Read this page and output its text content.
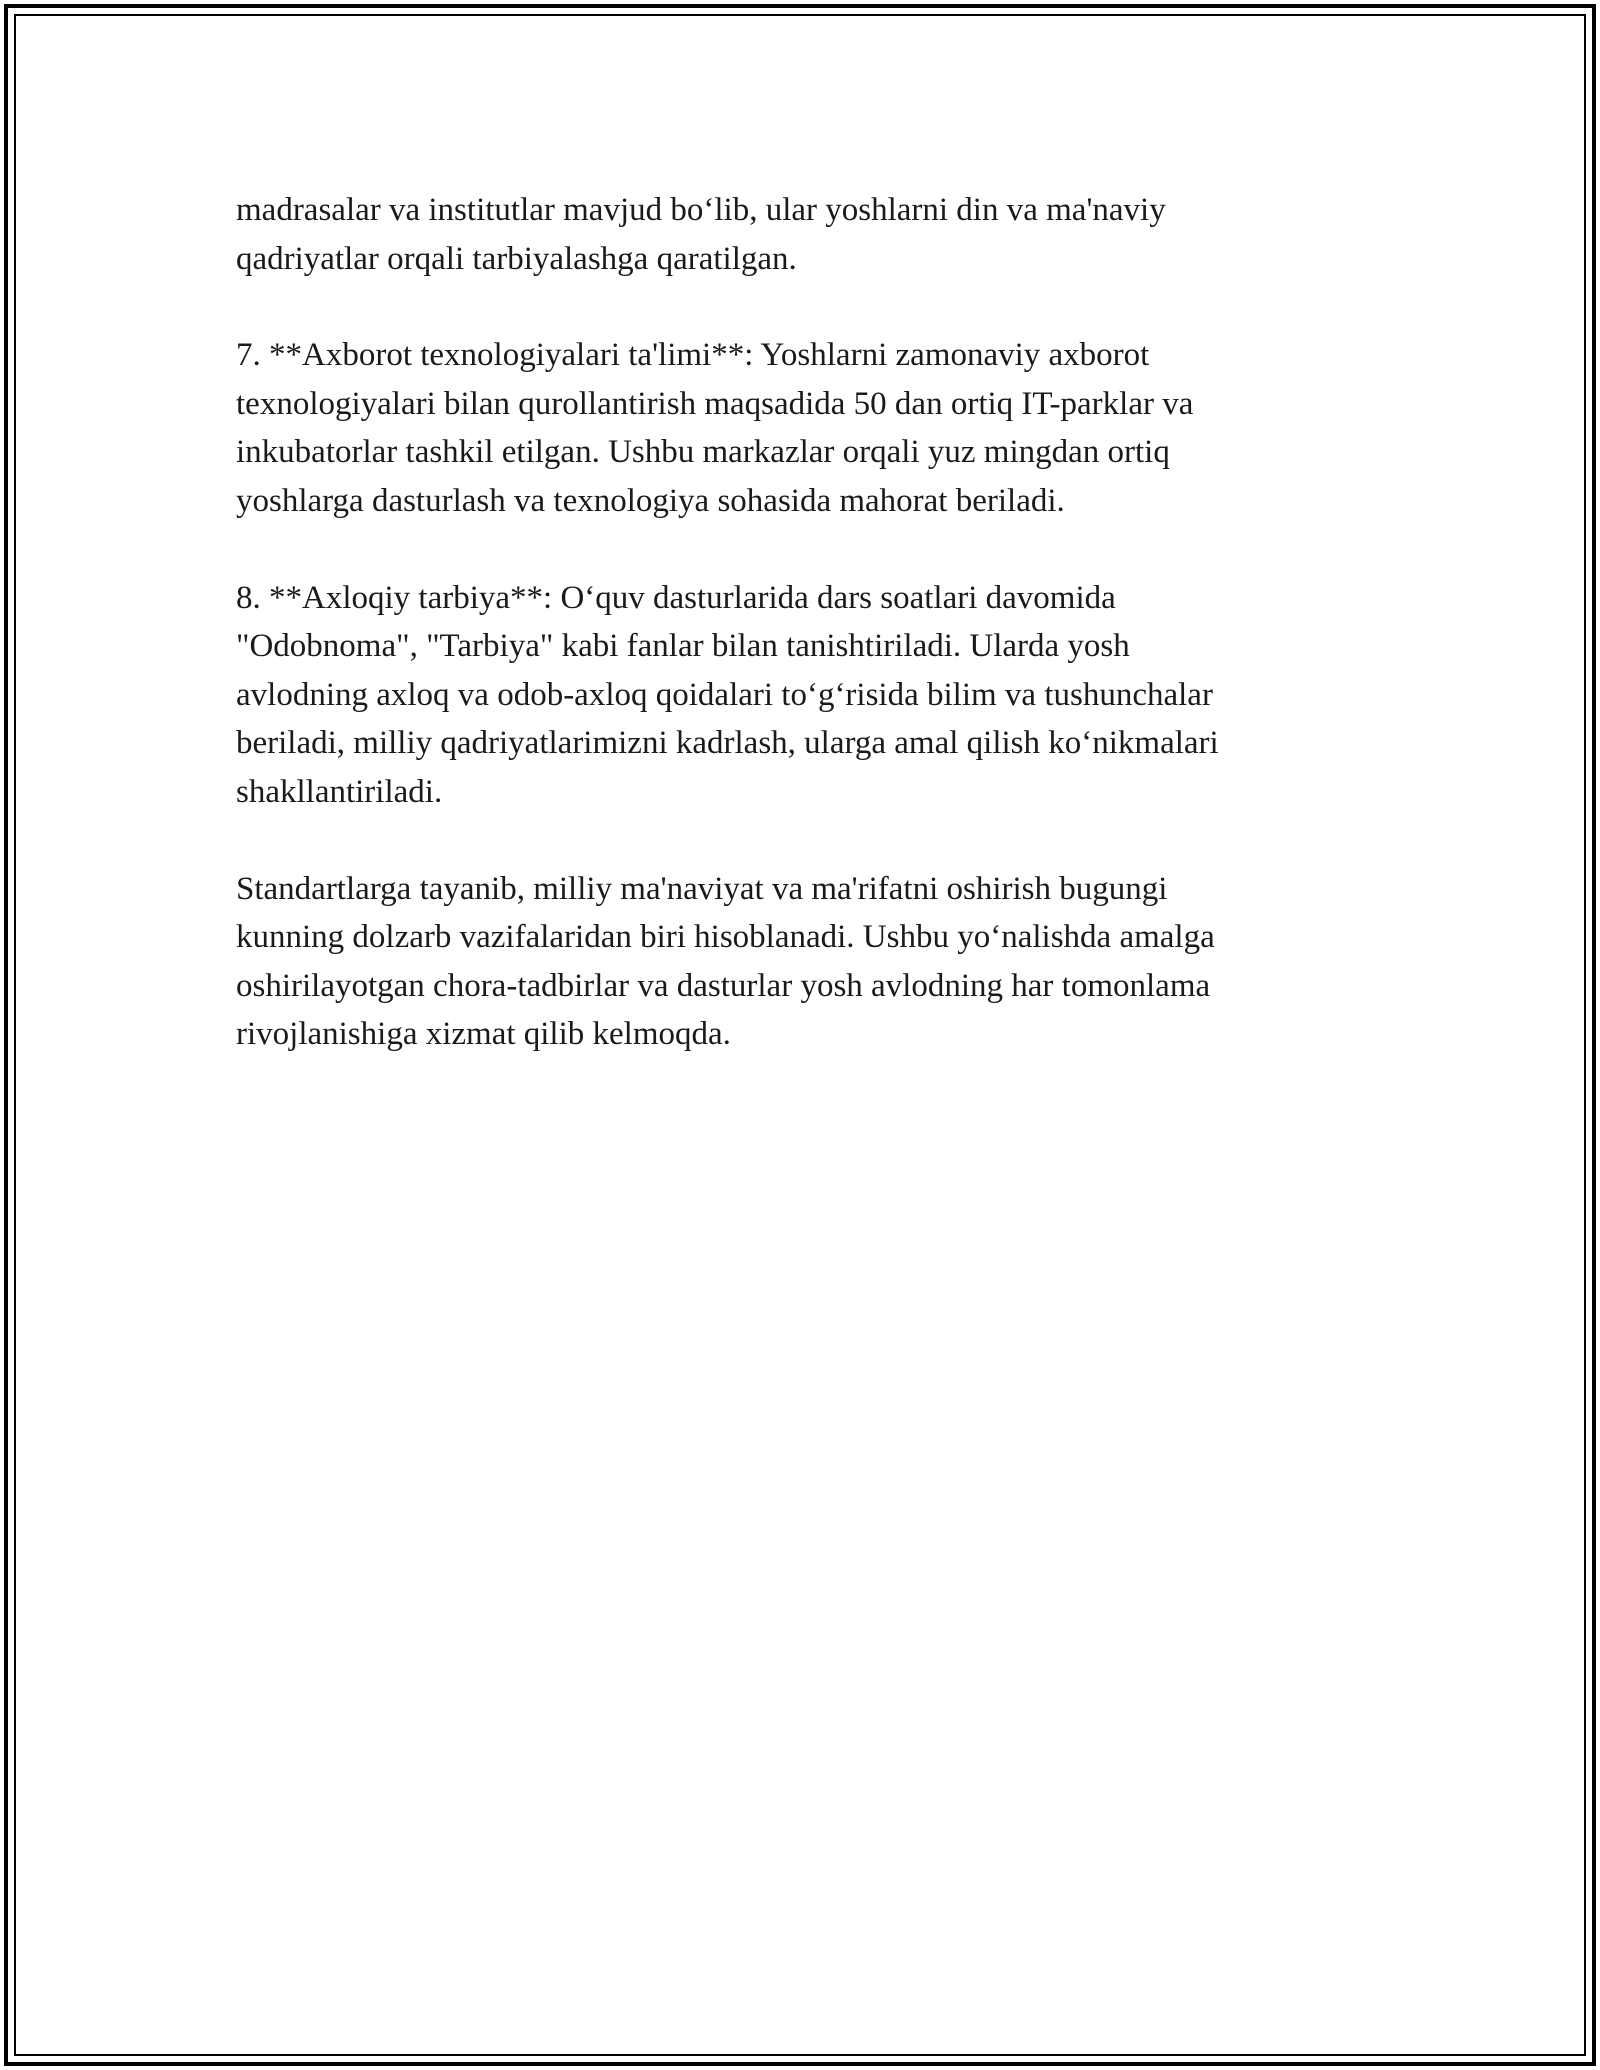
madrasalar va institutlar mavjud bo‘lib, ular yoshlarni din va ma'naviy
qadriyatlar orqali tarbiyalashga qaratilgan.

7. **Axborot texnologiyalari ta'limi**: Yoshlarni zamonaviy axborot
texnologiyalari bilan qurollantirish maqsadida 50 dan ortiq IT-parklar va
inkubatorlar tashkil etilgan. Ushbu markazlar orqali yuz mingdan ortiq
yoshlarga dasturlash va texnologiya sohasida mahorat beriladi.

8. **Axloqiy tarbiya**: O‘quv dasturlarida dars soatlari davomida
"Odobnoma", "Tarbiya" kabi fanlar bilan tanishtiriladi. Ularda yosh
avlodning axloq va odob-axloq qoidalari to‘g‘risida bilim va tushunchalar
beriladi, milliy qadriyatlarimizni kadrlash, ularga amal qilish ko‘nikmalari
shakllantiriladi.

Standartlarga tayanib, milliy ma'naviyat va ma'rifatni oshirish bugungi
kunning dolzarb vazifalaridan biri hisoblanadi. Ushbu yo‘nalishda amalga
oshirilayotgan chora-tadbirlar va dasturlar yosh avlodning har tomonlama
rivojlanishiga xizmat qilib kelmoqda.
